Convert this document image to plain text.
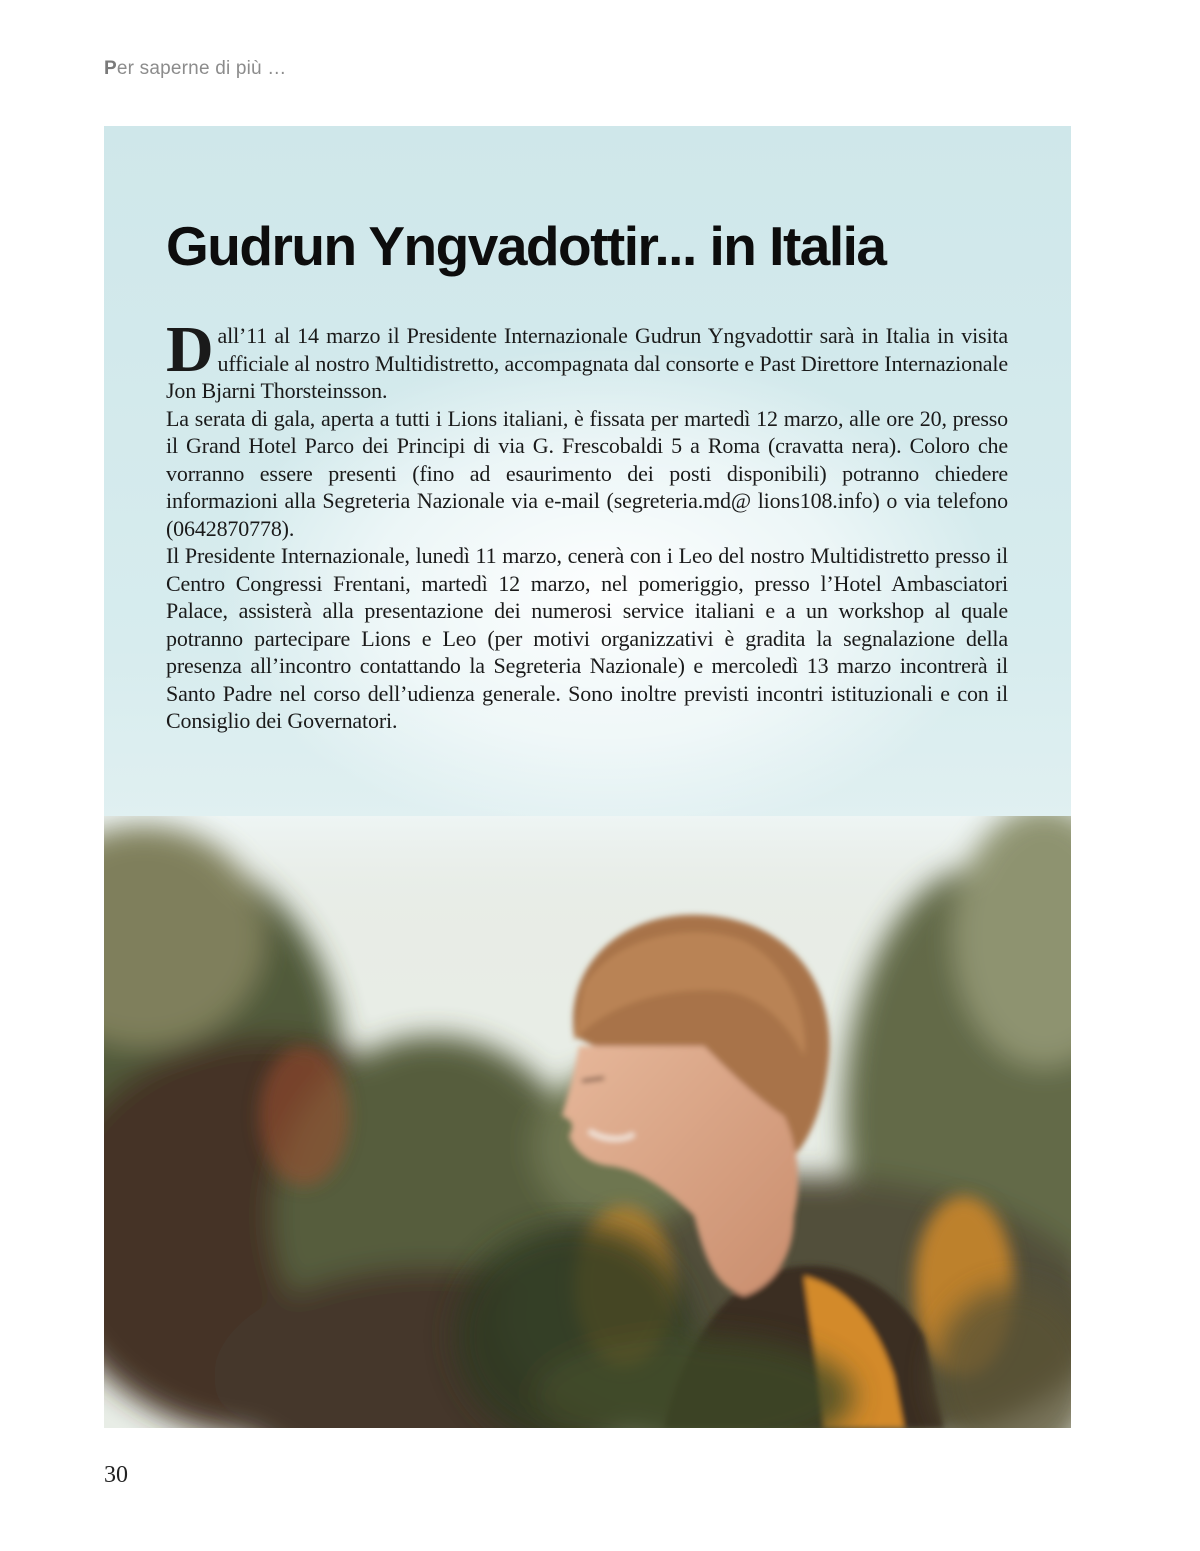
Per saperne di più …
Gudrun Yngvadottir... in Italia

Dall’11 al 14 marzo il Presidente Internazionale Gudrun Yngvadottir sarà in Italia in visita ufficiale al nostro Multidistretto, accompagnata dal consorte e Past Direttore Internazionale Jon Bjarni Thorsteinsson.

La serata di gala, aperta a tutti i Lions italiani, è fissata per martedì 12 marzo, alle ore 20, presso il Grand Hotel Parco dei Principi di via G. Frescobaldi 5 a Roma (cravatta nera). Coloro che vorranno essere presenti (fino ad esaurimento dei posti disponibili) potranno chiedere informazioni alla Segreteria Nazionale via e-mail (segreteria.md@ lions108.info) o via telefono (0642870778).

Il Presidente Internazionale, lunedì 11 marzo, cenerà con i Leo del nostro Multidistretto presso il Centro Congressi Frentani, martedì 12 marzo, nel pomeriggio, presso l’Hotel Ambasciatori Palace, assisterà alla presentazione dei numerosi service italiani e a un workshop al quale potranno partecipare Lions e Leo (per motivi organizzativi è gradita la segnalazione della presenza all’incontro contattando la Segreteria Nazionale) e mercoledì 13 marzo incontrerà il Santo Padre nel corso dell’udienza generale. Sono inoltre previsti incontri istituzionali e con il Consiglio dei Governatori.

30
